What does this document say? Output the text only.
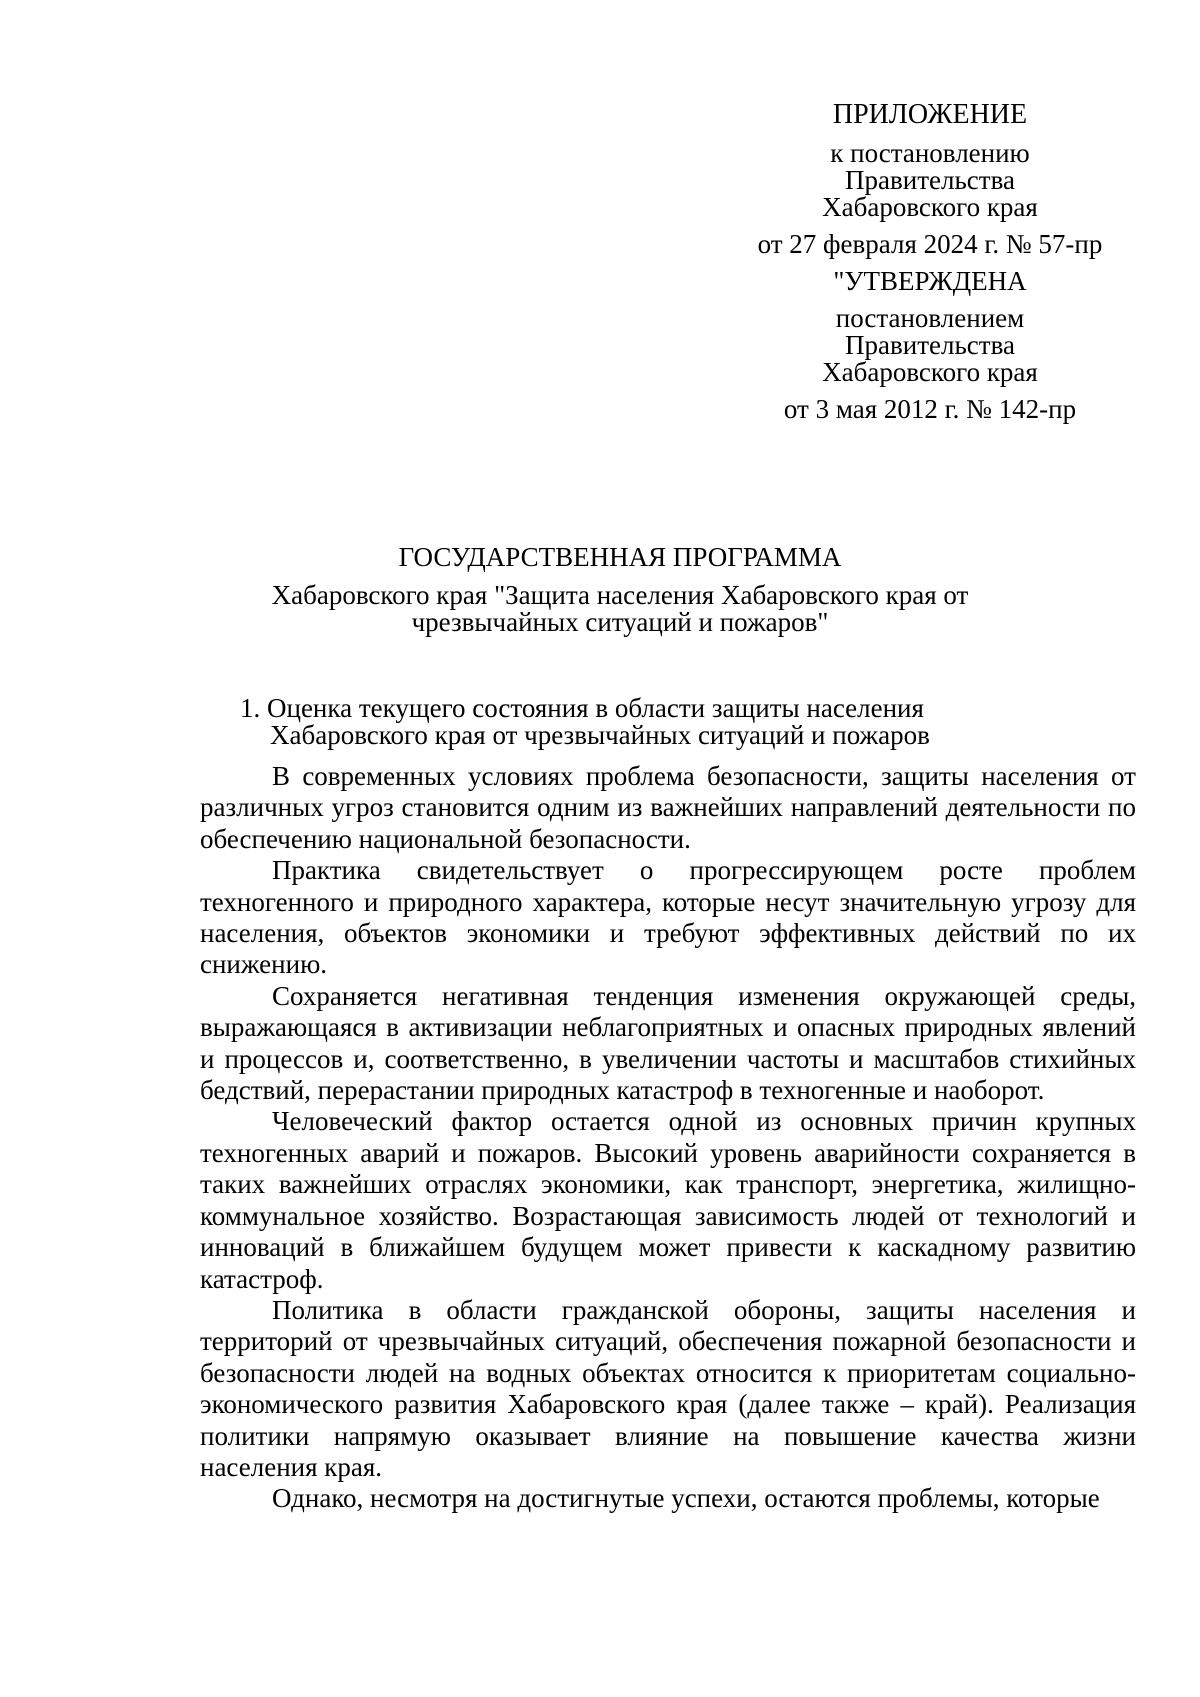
ПРИЛОЖЕНИЕ
к постановлению
Правительства
Хабаровского края
от 27 февраля 2024 г. № 57-пр
"УТВЕРЖДЕНА
постановлением
Правительства
Хабаровского края
от 3 мая 2012 г. № 142-пр
ГОСУДАРСТВЕННАЯ ПРОГРАММА
Хабаровского края "Защита населения Хабаровского края от чрезвычайных ситуаций и пожаров"
1. Оценка текущего состояния в области защиты населения Хабаровского края от чрезвычайных ситуаций и пожаров

В современных условиях проблема безопасности, защиты населения от различных угроз становится одним из важнейших направлений деятельности по обеспечению национальной безопасности.

Практика свидетельствует о прогрессирующем росте проблем техногенного и природного характера, которые несут значительную угрозу для населения, объектов экономики и требуют эффективных действий по их снижению.

Сохраняется негативная тенденция изменения окружающей среды, выражающаяся в активизации неблагоприятных и опасных природных явлений и процессов и, соответственно, в увеличении частоты и масштабов стихийных бедствий, перерастании природных катастроф в техногенные и наоборот.

Человеческий фактор остается одной из основных причин крупных техногенных аварий и пожаров. Высокий уровень аварийности сохраняется в таких важнейших отраслях экономики, как транспорт, энергетика, жилищно-коммунальное хозяйство. Возрастающая зависимость людей от технологий и инноваций в ближайшем будущем может привести к каскадному развитию катастроф.

Политика в области гражданской обороны, защиты населения и территорий от чрезвычайных ситуаций, обеспечения пожарной безопасности и безопасности людей на водных объектах относится к приоритетам социально-экономического развития Хабаровского края (далее также – край). Реализация политики напрямую оказывает влияние на повышение качества жизни населения края.

Однако, несмотря на достигнутые успехи, остаются проблемы, которые
